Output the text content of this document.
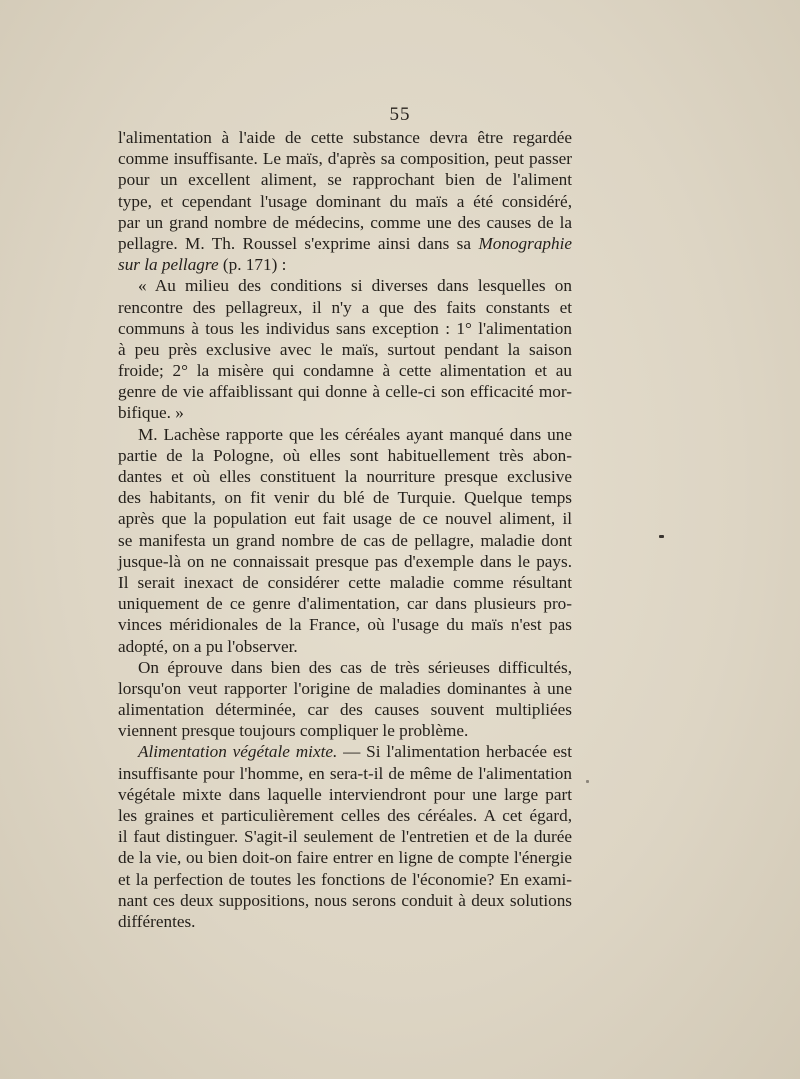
55
l'alimentation à l'aide de cette substance devra être regardée
comme insuffisante. Le maïs, d'après sa composition, peut passer
pour un excellent aliment, se rapprochant bien de l'aliment
type, et cependant l'usage dominant du maïs a été considéré,
par un grand nombre de médecins, comme une des causes de la
pellagre. M. Th. Roussel s'exprime ainsi dans sa Monographie
sur la pellagre (p. 171) :
« Au milieu des conditions si diverses dans lesquelles on
rencontre des pellagreux, il n'y a que des faits constants et
communs à tous les individus sans exception : 1° l'alimentation
à peu près exclusive avec le maïs, surtout pendant la saison
froide; 2° la misère qui condamne à cette alimentation et au
genre de vie affaiblissant qui donne à celle-ci son efficacité mor-
bifique. »
M. Lachèse rapporte que les céréales ayant manqué dans une
partie de la Pologne, où elles sont habituellement très abon-
dantes et où elles constituent la nourriture presque exclusive
des habitants, on fit venir du blé de Turquie. Quelque temps
après que la population eut fait usage de ce nouvel aliment, il
se manifesta un grand nombre de cas de pellagre, maladie dont
jusque-là on ne connaissait presque pas d'exemple dans le pays.
Il serait inexact de considérer cette maladie comme résultant
uniquement de ce genre d'alimentation, car dans plusieurs pro-
vinces méridionales de la France, où l'usage du maïs n'est pas
adopté, on a pu l'observer.
On éprouve dans bien des cas de très sérieuses difficultés,
lorsqu'on veut rapporter l'origine de maladies dominantes à une
alimentation déterminée, car des causes souvent multipliées
viennent presque toujours compliquer le problème.
Alimentation végétale mixte. — Si l'alimentation herbacée est
insuffisante pour l'homme, en sera-t-il de même de l'alimentation
végétale mixte dans laquelle interviendront pour une large part
les graines et particulièrement celles des céréales. A cet égard,
il faut distinguer. S'agit-il seulement de l'entretien et de la durée
de la vie, ou bien doit-on faire entrer en ligne de compte l'énergie
et la perfection de toutes les fonctions de l'économie? En exami-
nant ces deux suppositions, nous serons conduit à deux solutions
différentes.
